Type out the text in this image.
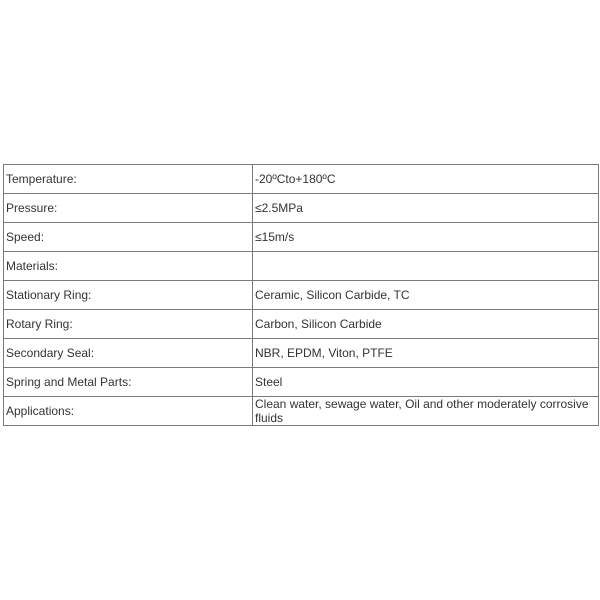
Temperature:	-20ºCto+180ºC
Pressure:	≤2.5MPa
Speed:	≤15m/s
Materials:	
Stationary Ring:	Ceramic, Silicon Carbide, TC
Rotary Ring:	Carbon, Silicon Carbide
Secondary Seal:	NBR, EPDM, Viton, PTFE
Spring and Metal Parts:	Steel
Applications:	Clean water, sewage water, Oil and other moderately corrosive fluids
